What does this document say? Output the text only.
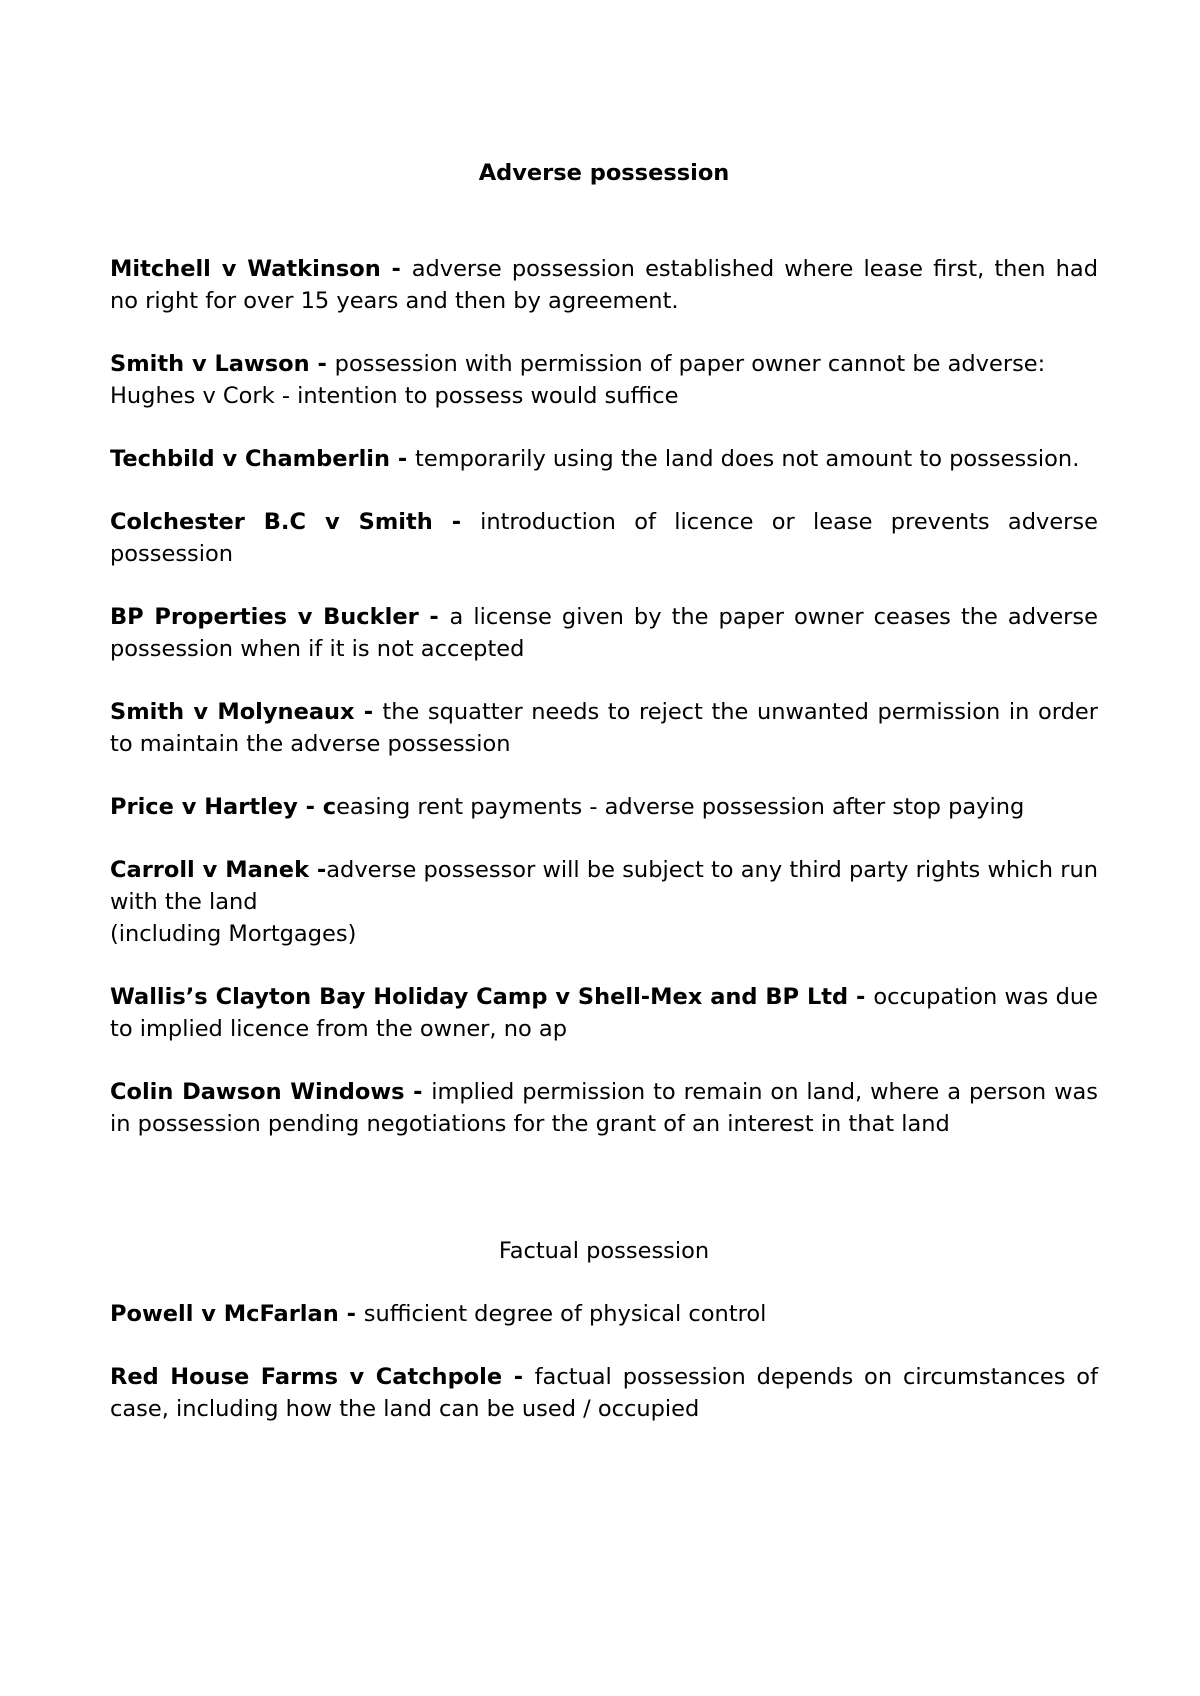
Adverse possession

Mitchell v Watkinson - adverse possession established where lease first, then had no right for over 15 years and then by agreement.

Smith v Lawson - possession with permission of paper owner cannot be adverse:
Hughes v Cork - intention to possess would suffice

Techbild v Chamberlin - temporarily using the land does not amount to possession.

Colchester B.C v Smith - introduction of licence or lease prevents adverse possession

BP Properties v Buckler - a license given by the paper owner ceases the adverse possession when if it is not accepted

Smith v Molyneaux - the squatter needs to reject the unwanted permission in order to maintain the adverse possession

Price v Hartley - ceasing rent payments - adverse possession after stop paying

Carroll v Manek -adverse possessor will be subject to any third party rights which run with the land
(including Mortgages)

Wallis’s Clayton Bay Holiday Camp v Shell-Mex and BP Ltd - occupation was due to implied licence from the owner, no ap

Colin Dawson Windows - implied permission to remain on land, where a person was in possession pending negotiations for the grant of an interest in that land

Factual possession

Powell v McFarlan - sufficient degree of physical control

Red House Farms v Catchpole - factual possession depends on circumstances of case, including how the land can be used / occupied
